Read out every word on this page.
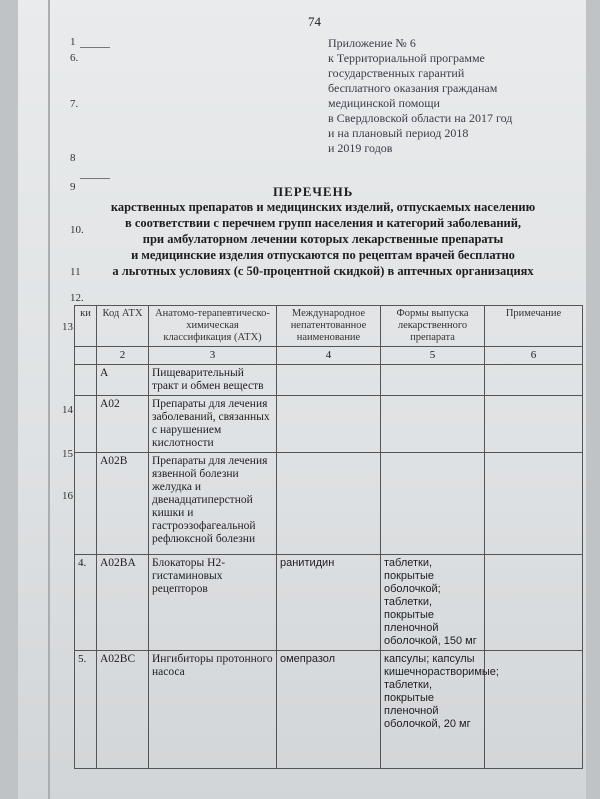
74
1
6.
7.
8
9
10.
11
12.
13.
14
15
16
Приложение № 6
к Территориальной программе
государственных гарантий
бесплатного оказания гражданам
медицинской помощи
в Свердловской области на 2017 год
и на плановый период 2018
и 2019 годов
ПЕРЕЧЕНЬ
карственных препаратов и медицинских изделий, отпускаемых населению
в соответствии с перечнем групп населения и категорий заболеваний,
при амбулаторном лечении которых лекарственные препараты
и медицинские изделия отпускаются по рецептам врачей бесплатно
а льготных условиях (с 50-процентной скидкой) в аптечных организациях
ки	Код АТХ	Анатомо-терапевтическо-химическая классификация (АТХ)	Международное непатентованное наименование	Формы выпуска лекарственного препарата	Примечание
	2	3	4	5	6
	A	Пищеварительный тракт и обмен веществ			
	A02	Препараты для лечения заболеваний, связанных с нарушением кислотности			
	A02B	Препараты для лечения язвенной болезни желудка и двенадцатиперстной кишки и гастроэзофагеальной рефлюксной болезни			
4.	A02BA	Блокаторы H2-гистаминовых рецепторов	ранитидин	таблетки, покрытые оболочкой; таблетки, покрытые пленочной оболочкой, 150 мг	
5.	A02BC	Ингибиторы протонного насоса	омепразол	капсулы; капсулы кишечнорастворимые; таблетки, покрытые пленочной оболочкой, 20 мг	
